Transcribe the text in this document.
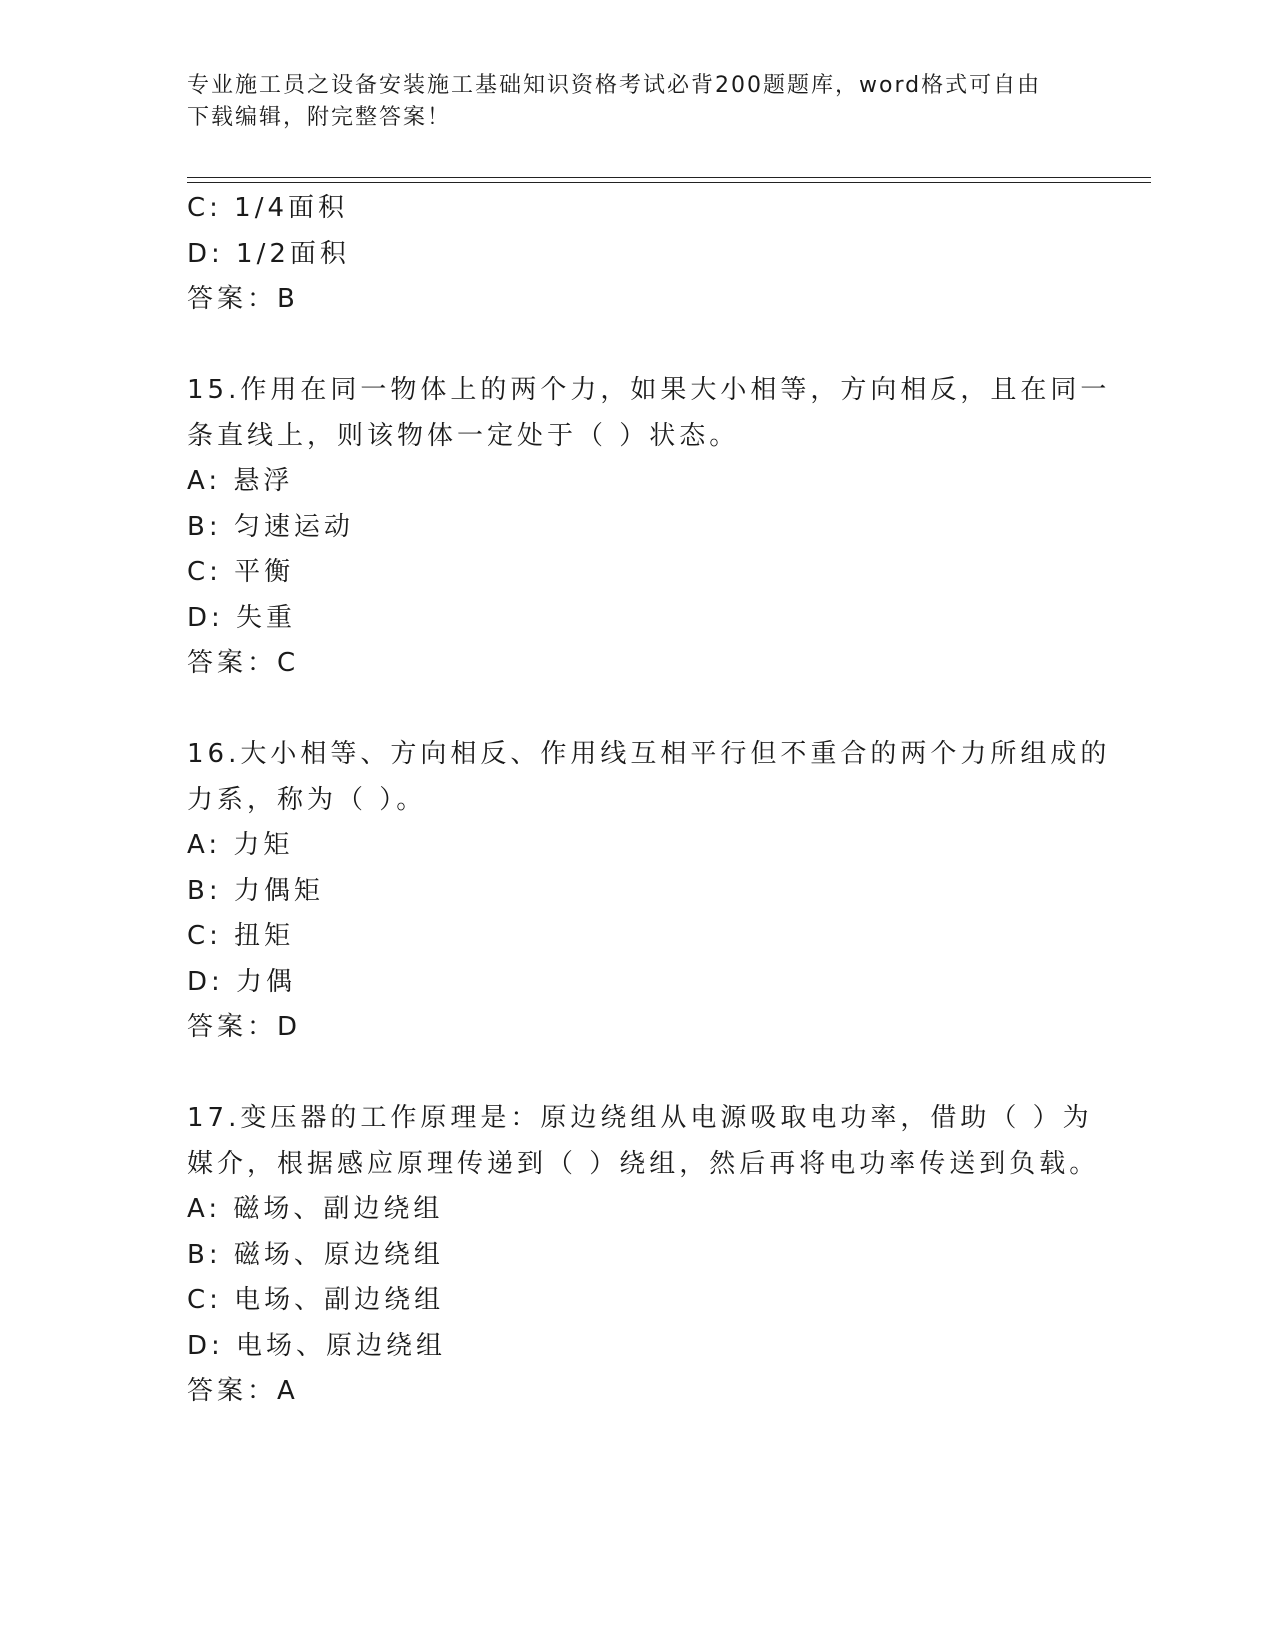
专业施工员之设备安装施工基础知识资格考试必背200题题库，word格式可自由
下载编辑，附完整答案！
C: 1/4面积
D: 1/2面积
答案：B
15.作用在同一物体上的两个力，如果大小相等，方向相反，且在同一
条直线上，则该物体一定处于（ ）状态。
A: 悬浮
B: 匀速运动
C: 平衡
D: 失重
答案：C
16.大小相等、方向相反、作用线互相平行但不重合的两个力所组成的
力系，称为（ ）。
A: 力矩
B: 力偶矩
C: 扭矩
D: 力偶
答案：D
17.变压器的工作原理是：原边绕组从电源吸取电功率，借助（ ）为
媒介，根据感应原理传递到（ ）绕组，然后再将电功率传送到负载。
A: 磁场、副边绕组
B: 磁场、原边绕组
C: 电场、副边绕组
D: 电场、原边绕组
答案：A
